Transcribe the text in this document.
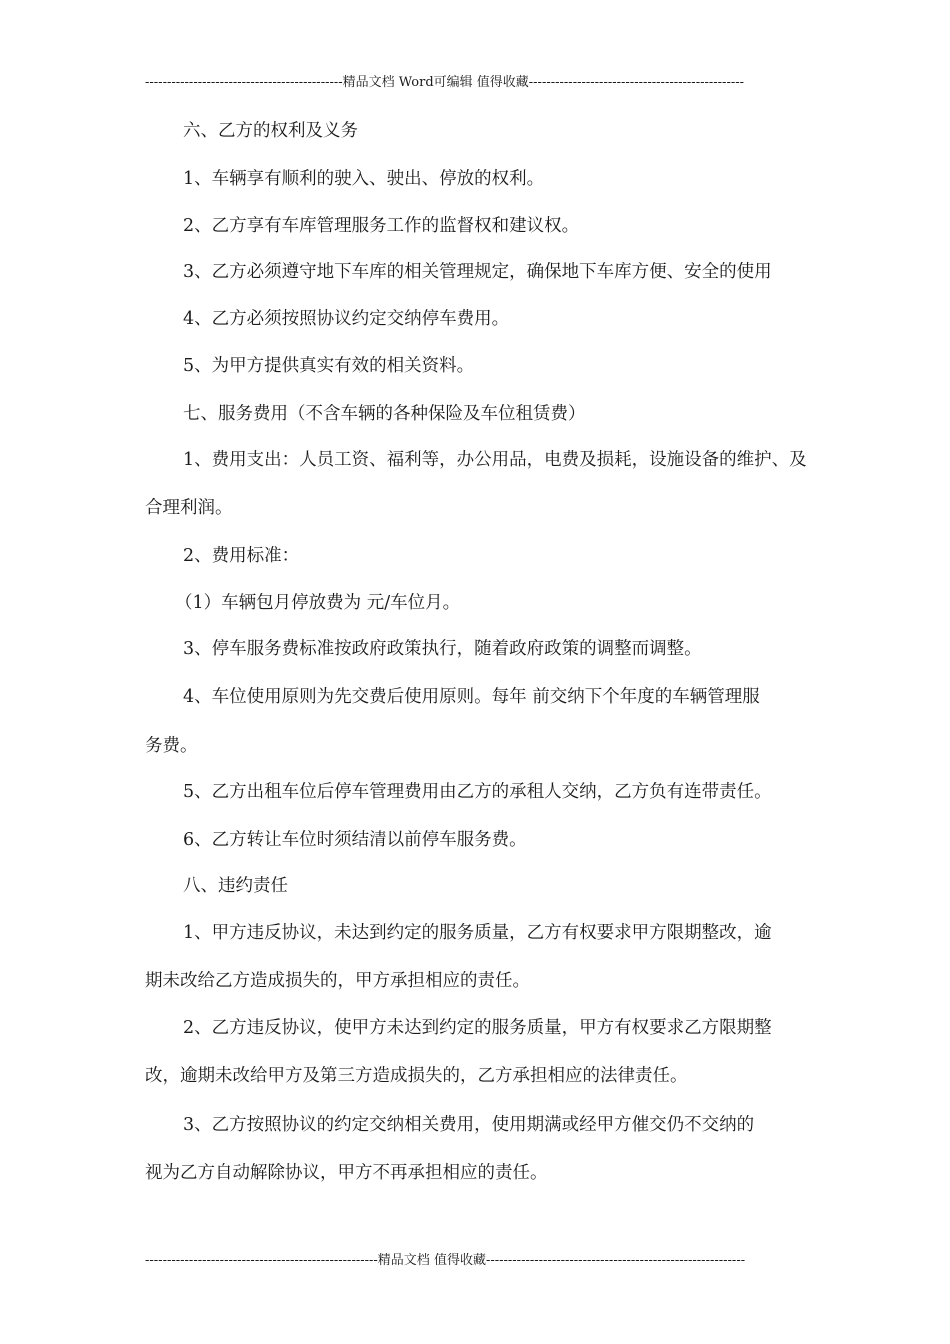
---------------------------------------------精品文档 Word可编辑 值得收藏-------------------------------------------------
六、乙方的权利及义务
1、车辆享有顺利的驶入、驶出、停放的权利。
2、乙方享有车库管理服务工作的监督权和建议权。
3、乙方必须遵守地下车库的相关管理规定，确保地下车库方便、安全的使用
4、乙方必须按照协议约定交纳停车费用。
5、为甲方提供真实有效的相关资料。
七、服务费用（不含车辆的各种保险及车位租赁费）
1、费用支出：人员工资、福利等，办公用品，电费及损耗，设施设备的维护、及
合理利润。
2、费用标准：
（1）车辆包月停放费为 元/车位月。
3、停车服务费标准按政府政策执行，随着政府政策的调整而调整。
4、车位使用原则为先交费后使用原则。每年 前交纳下个年度的车辆管理服
务费。
5、乙方出租车位后停车管理费用由乙方的承租人交纳，乙方负有连带责任。
6、乙方转让车位时须结清以前停车服务费。
八、违约责任
1、甲方违反协议，未达到约定的服务质量，乙方有权要求甲方限期整改，逾
期未改给乙方造成损失的，甲方承担相应的责任。
2、乙方违反协议，使甲方未达到约定的服务质量，甲方有权要求乙方限期整
改，逾期未改给甲方及第三方造成损失的，乙方承担相应的法律责任。
3、乙方按照协议的约定交纳相关费用，使用期满或经甲方催交仍不交纳的
视为乙方自动解除协议，甲方不再承担相应的责任。
-----------------------------------------------------精品文档 值得收藏-----------------------------------------------------------
